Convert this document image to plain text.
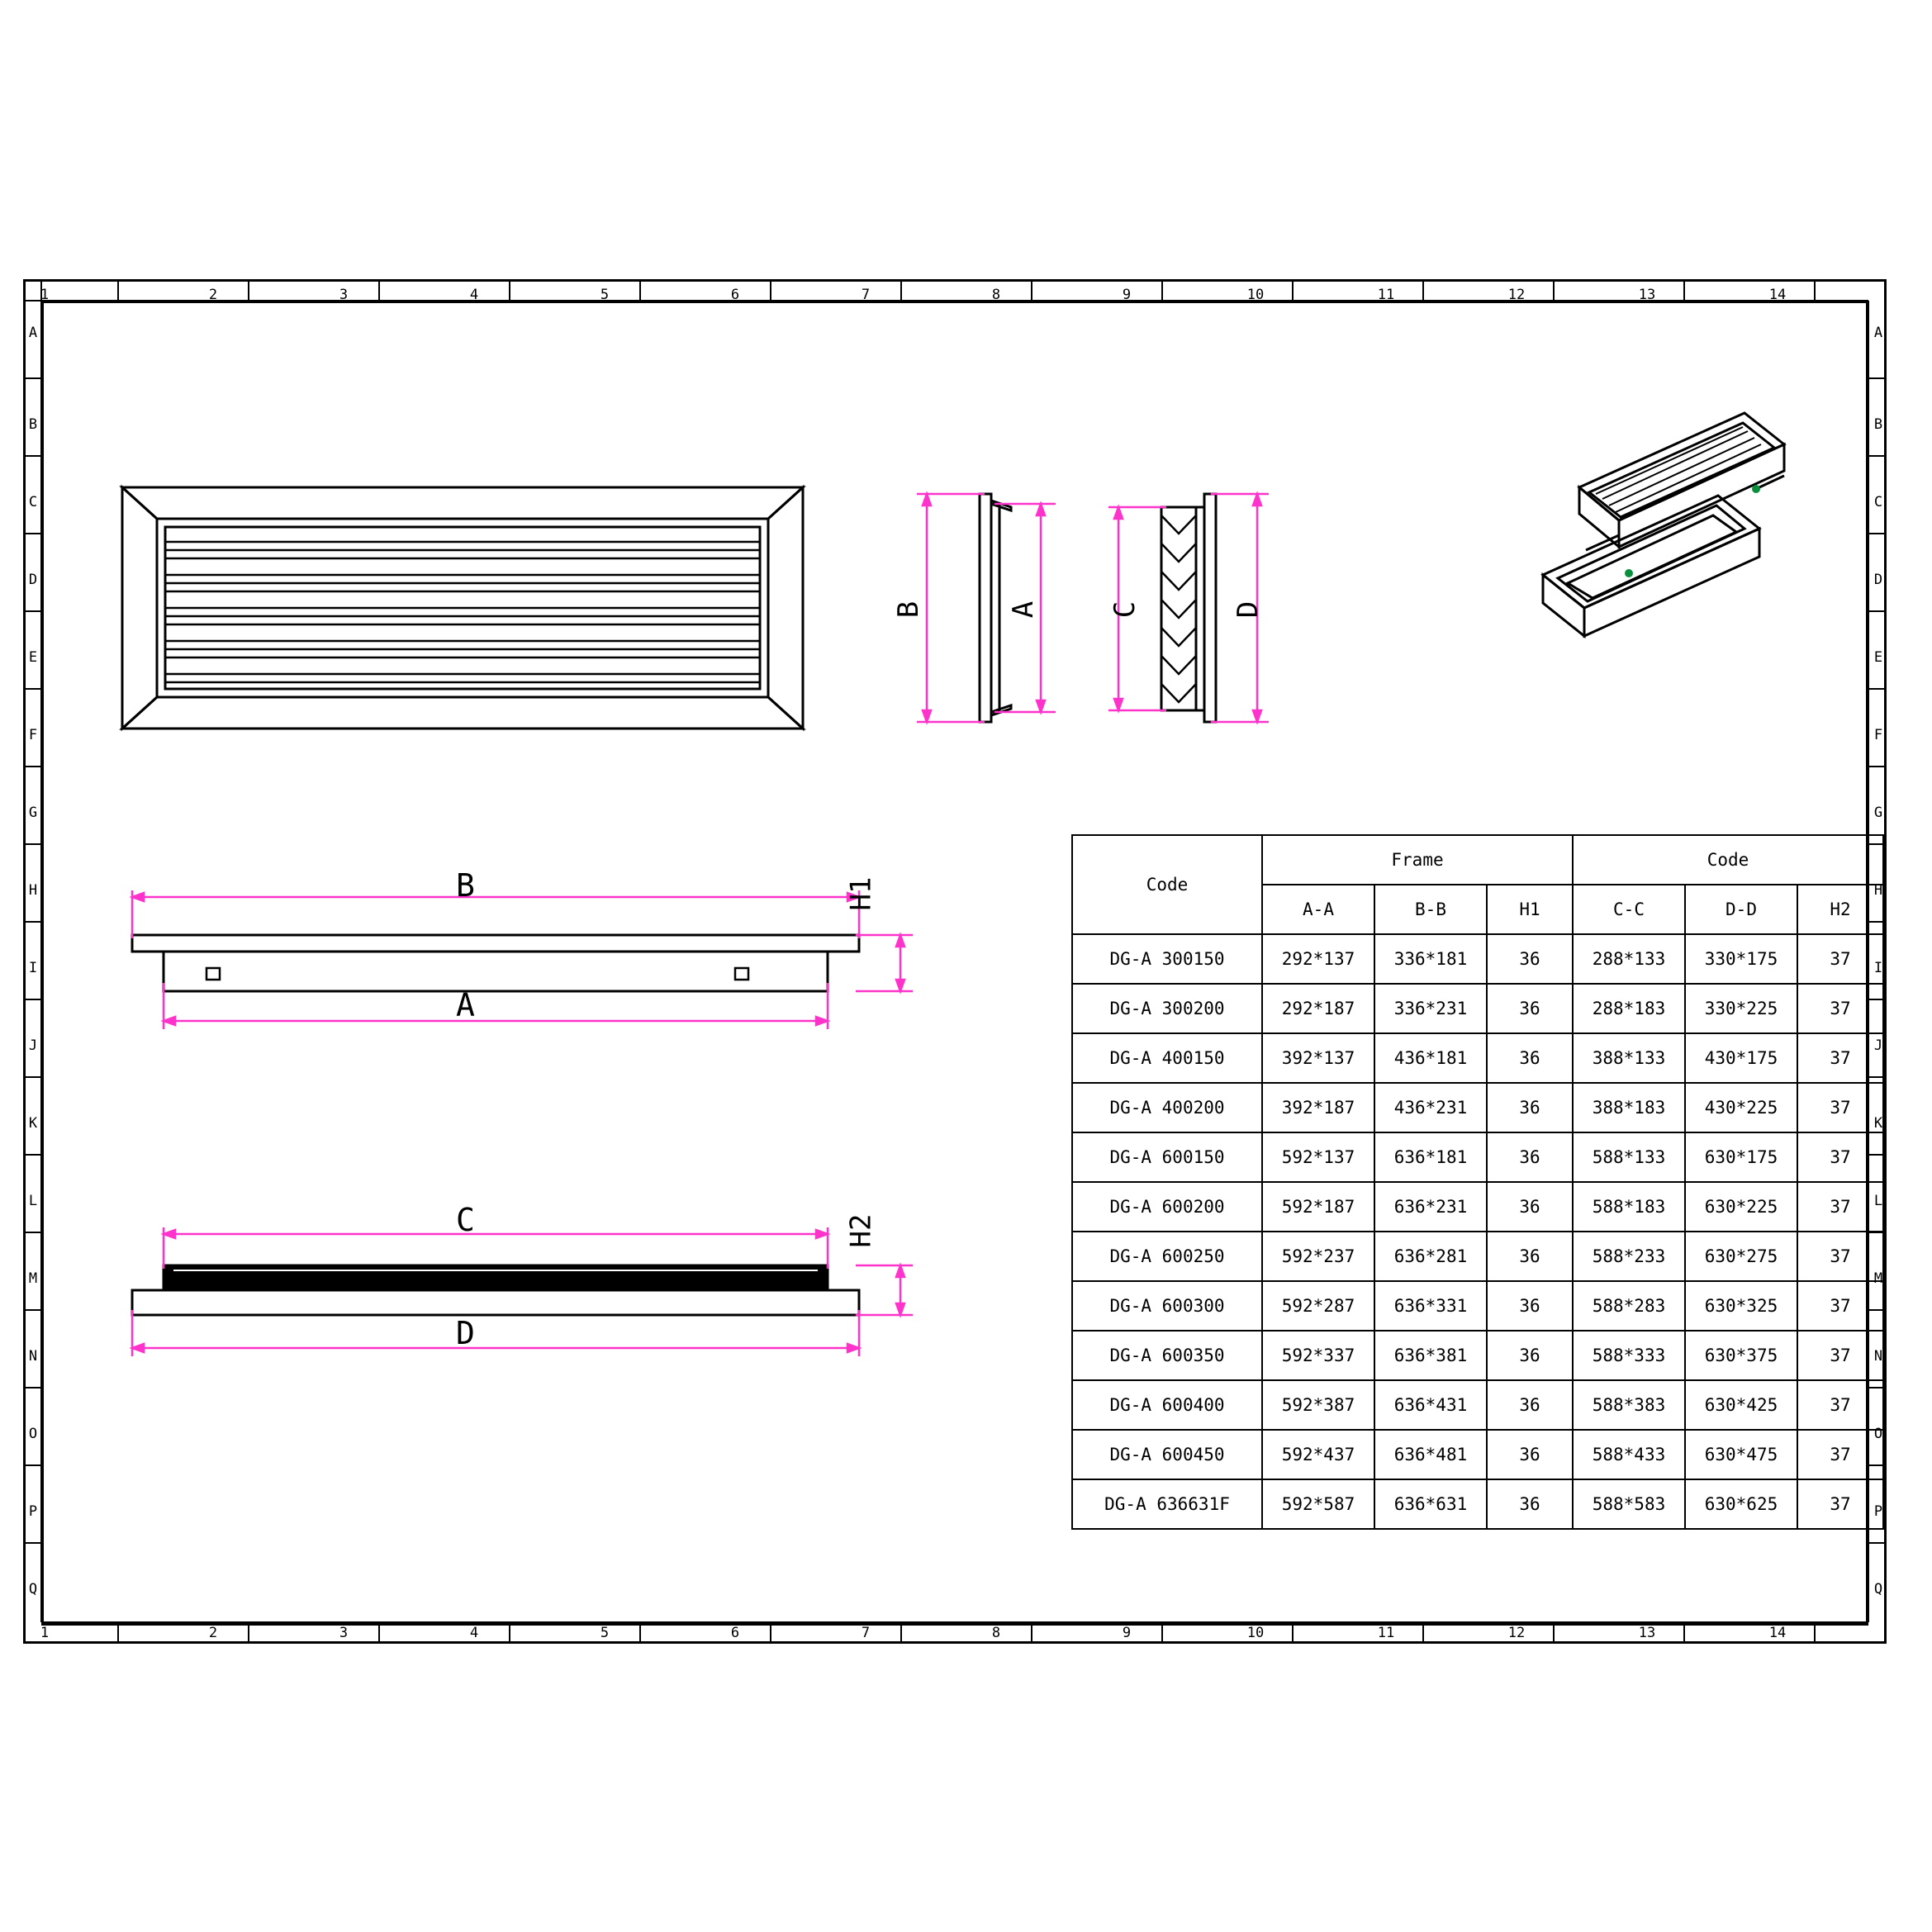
1	2	3	4	5	6	7	8	9	10	11	12	13	14
1	2	3	4	5	6	7	8	9	10	11	12	13	14
A
B
C
D
E
F
G
H
I
J
K
L
M
N
O
P
Q
A
B
C
D
E
F
G
H
I
J
K
L
M
N
O
P
Q
B	A C	D
B
A
H1
C
D
H2
Code	Frame			Code		
	A-A	B-B	H1	C-C	D-D	H2
DG-A 300150	292*137	336*181	36	288*133	330*175	37
DG-A 300200	292*187	336*231	36	288*183	330*225	37
DG-A 400150	392*137	436*181	36	388*133	430*175	37
DG-A 400200	392*187	436*231	36	388*183	430*225	37
DG-A 600150	592*137	636*181	36	588*133	630*175	37
DG-A 600200	592*187	636*231	36	588*183	630*225	37
DG-A 600250	592*237	636*281	36	588*233	630*275	37
DG-A 600300	592*287	636*331	36	588*283	630*325	37
DG-A 600350	592*337	636*381	36	588*333	630*375	37
DG-A 600400	592*387	636*431	36	588*383	630*425	37
DG-A 600450	592*437	636*481	36	588*433	630*475	37
DG-A 636631F	592*587	636*631	36	588*583	630*625	37
